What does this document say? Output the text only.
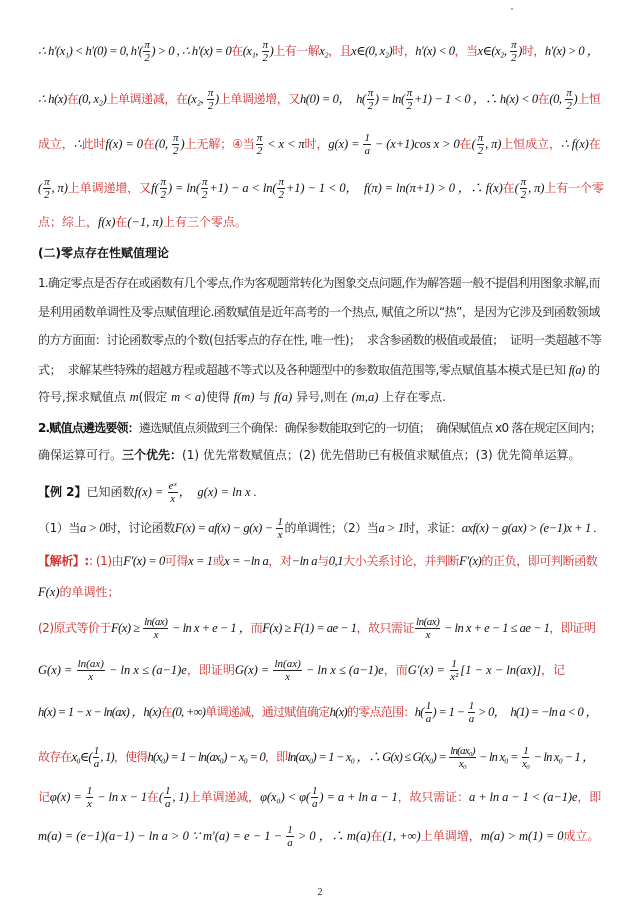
∴ h′(x₁) < h′(0) = 0, $h'( \frac{\pi}{2}$ ) > 0 , ∴ h′(x) = 0 在 (x₁, $\frac{\pi}{2}$ ) 上有一解 x₂ ，且 x∈(0, x₂) 时， h′(x) < 0 ，当 x∈(x₂, $\frac{\pi}{2}$ ) 时， h′(x) > 0 ，
∴ h(x) 在 (0, x₂) 上单调递减，在 (x₂, $\frac{\pi}{2}$ ) 上单调递增，又 h(0) = 0，  $h( \frac{\pi}{2}$ ) = $\ln( \frac{\pi}{2} +1) - 1 < 0$ ，∴ h(x) < 0 在 (0, $\frac{\pi}{2}$ ) 上恒
成立， ∴ 此时 f(x) = 0 在 (0, $\frac{\pi}{2}$ ) 上无解；④当 $\frac{\pi}{2} < x < \pi$ 时， $g(x) = \frac{1}{a} - (x+1)\cos$ x > 0 在 ( $\frac{\pi}{2}$ , π) 上恒成立， ∴ f(x) 在
( $\frac{\pi}{2}$ , π) 上单调递增，又 $f( \frac{\pi}{2}$ ) = $\ln( \frac{\pi}{2} +1) - a < \ln( \frac{\pi}{2} +1) - 1 < 0$，  f(π) = ln(π+1) > 0 ，∴ f(x) 在 ( $\frac{\pi}{2}$ , π) 上有一个零
点；综上， f(x) 在 (−1, π) 上有三个零点。
(二)零点存在性赋值理论
1.确定零点是否存在或函数有几个零点,作为客观题常转化为图象交点问题,作为解答题一般不提倡利用图象求解,而
是利用函数单调性及零点赋值理论.函数赋值是近年高考的一个热点, 赋值之所以“热”，是因为它涉及到函数领域
的方方面面：讨论函数零点的个数(包括零点的存在性, 唯一性)；  求含参函数的极值或最值；  证明一类超越不等
式；  求解某些特殊的超越方程或超越不等式以及各种题型中的参数取值范围等,零点赋值基本模式是已知 f(a) 的
符号,探求赋值点 m (假定 m < a )使得 f(m) 与 f(a) 异号,则在 (m,a) 上存在零点.
2.赋值点遴选要领： 遴选赋值点须做到三个确保：确保参数能取到它的一切值；  确保赋值点 x0 落在规定区间内；
确保运算可行。 三个优先： (1) 优先常数赋值点；(2) 优先借助已有极值求赋值点；(3) 优先简单运算。
【例 2】 已知函数 $f(x) = \frac{\text{eˣ}}{x}$ ，  g(x) = ln x .
（1）当 a > 0 时，讨论函数 $F(x) = af(x) - g(x) - \frac{1}{x}$ 的单调性；（2）当 a > 1 时，求证： axf(x) − g(ax) > (e−1)x + 1 .
【解析】: : (1)由 F′(x) = 0 可得 x = 1 或 x = −ln a ，对 −ln a 与 0,1 大小关系讨论，并判断 F′(x) 的正负，即可判断函数
F(x) 的单调性；
(2)原式等价于 $F(x) \ge \frac{\ln(ax)}{x} - \ln x + e - 1$ ， 而 F(x) ≥ F(1) = ae − 1 ，故只需证 $\frac{\ln(ax)}{x} - \ln x + e - 1$ ≤ ae − 1 ，即证明
$G(x) = \frac{\ln(ax)}{x} - \ln x \le (a-1)e$ ，即证明 $G(x) = \frac{\ln(ax)}{x} - \ln x \le (a-1)e$ ，而 $G'(x) = \frac{1}{\text{x²}} [1 - x - \ln(ax)]$ ，记
h(x) = 1 − x − ln(ax) ，h(x) 在 (0, +∞) 单调递减，通过赋值确定 h(x) 的零点范围： $h( \frac{1}{a}$ ) = $1 - \frac{1}{a} > 0$，  h(1) = −ln a < 0 ，
故存在 x₀∈( $\frac{1}{a}$ , 1) ，使得 h(x₀) = 1 − ln(ax₀) − x₀ = 0 ，即 ln(ax₀) = 1 − x₀ ，∴ $G(x) \le G(x_0) = \frac{\text{ln(ax₀)}}{\text{x₀}} - \ln x_0 = \frac{1}{\text{x₀}} - \ln x_0 - 1$ ，
记 $\varphi(x) = \frac{1}{x} - \ln x - 1$ 在 ( $\frac{1}{a}$ , 1) 上单调递减， $\varphi(x_0) < \varphi( \frac{1}{a}$ ) = a + ln a − 1 ，故只需证： a + ln a − 1 < (a−1)e ，即
m(a) = (e−1)(a−1) − ln a > 0 ∵ $m'(a) = e - 1 - \frac{1}{a} > 0$ ，∴ m(a) 在 (1, +∞) 上单调增， m(a) > m(1) = 0 成立。
2
